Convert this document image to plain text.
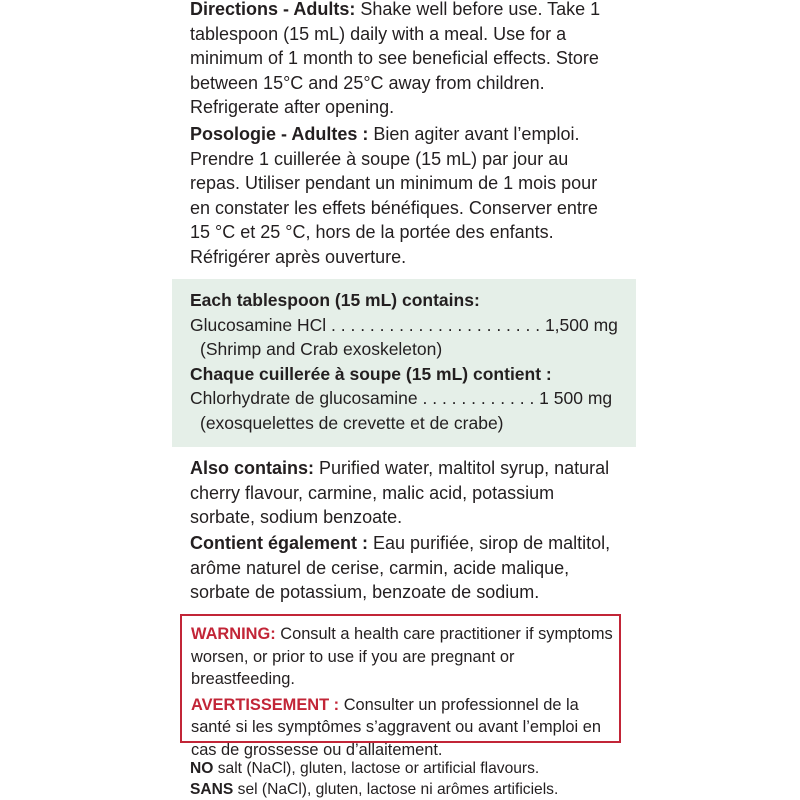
Directions - Adults: Shake well before use. Take 1 tablespoon (15 mL) daily with a meal. Use for a minimum of 1 month to see beneficial effects. Store between 15°C and 25°C away from children. Refrigerate after opening.

Posologie - Adultes : Bien agiter avant l’emploi. Prendre 1 cuillerée à soupe (15 mL) par jour au repas. Utiliser pendant un minimum de 1 mois pour en constater les effets bénéfiques. Conserver entre 15 °C et 25 °C, hors de la portée des enfants. Réfrigérer après ouverture.

Each tablespoon (15 mL) contains:
Glucosamine HCl . . . . . . . . . . . . . . . . . . . . . . 1,500 mg
(Shrimp and Crab exoskeleton)
Chaque cuillerée à soupe (15 mL) contient :
Chlorhydrate de glucosamine . . . . . . . . . . . . 1 500 mg
(exosquelettes de crevette et de crabe)

Also contains: Purified water, maltitol syrup, natural cherry flavour, carmine, malic acid, potassium sorbate, sodium benzoate.

Contient également : Eau purifiée, sirop de maltitol, arôme naturel de cerise, carmin, acide malique, sorbate de potassium, benzoate de sodium.

WARNING: Consult a health care practitioner if symptoms worsen, or prior to use if you are pregnant or breastfeeding.

AVERTISSEMENT : Consulter un professionnel de la santé si les symptômes s’aggravent ou avant l’emploi en cas de grossesse ou d’allaitement.

NO salt (NaCl), gluten, lactose or artificial flavours.
SANS sel (NaCl), gluten, lactose ni arômes artificiels.
